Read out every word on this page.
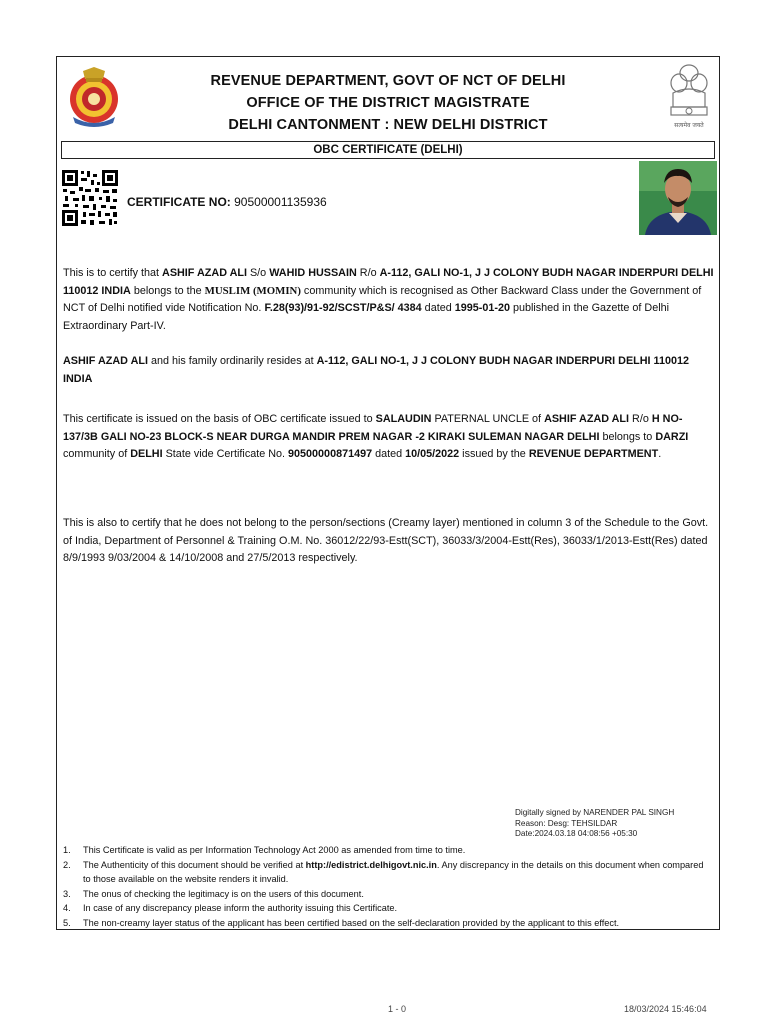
REVENUE DEPARTMENT, GOVT OF NCT OF DELHI
OFFICE OF THE DISTRICT MAGISTRATE
DELHI CANTONMENT : NEW DELHI DISTRICT	सत्यमेव जयते
OBC CERTIFICATE (DELHI)
CERTIFICATE NO: 90500001135936
This is to certify that ASHIF AZAD ALI S/o WAHID HUSSAIN R/o A-112, GALI NO-1, J J COLONY BUDH NAGAR INDERPURI DELHI 110012 INDIA belongs to the MUSLIM (MOMIN) community which is recognised as Other Backward Class under the Government of NCT of Delhi notified vide Notification No. F.28(93)/91-92/SCST/P&S/ 4384 dated 1995-01-20 published in the Gazette of Delhi Extraordinary Part-IV.
ASHIF AZAD ALI and his family ordinarily resides at A-112, GALI NO-1, J J COLONY BUDH NAGAR INDERPURI DELHI 110012 INDIA
This certificate is issued on the basis of OBC certificate issued to SALAUDIN PATERNAL UNCLE of ASHIF AZAD ALI R/o H NO-137/3B GALI NO-23 BLOCK-S NEAR DURGA MANDIR PREM NAGAR -2 KIRAKI SULEMAN NAGAR DELHI belongs to DARZI community of DELHI State vide Certificate No. 90500000871497 dated 10/05/2022 issued by the REVENUE DEPARTMENT.
This is also to certify that he does not belong to the person/sections (Creamy layer) mentioned in column 3 of the Schedule to the Govt. of India, Department of Personnel & Training O.M. No. 36012/22/93-Estt(SCT), 36033/3/2004-Estt(Res), 36033/1/2013-Estt(Res) dated 8/9/1993 9/03/2004 & 14/10/2008 and 27/5/2013 respectively.
Digitally signed by NARENDER PAL SINGH
Reason: Desg: TEHSILDAR
Date:2024.03.18 04:08:56 +05:30
1. This Certificate is valid as per Information Technology Act 2000 as amended from time to time.
2. The Authenticity of this document should be verified at http://edistrict.delhigovt.nic.in. Any discrepancy in the details on this document when compared to those available on the website renders it invalid.
3. The onus of checking the legitimacy is on the users of this document.
4. In case of any discrepancy please inform the authority issuing this Certificate.
5. The non-creamy layer status of the applicant has been certified based on the self-declaration provided by the applicant to this effect.
1 - 0	18/03/2024 15:46:04
